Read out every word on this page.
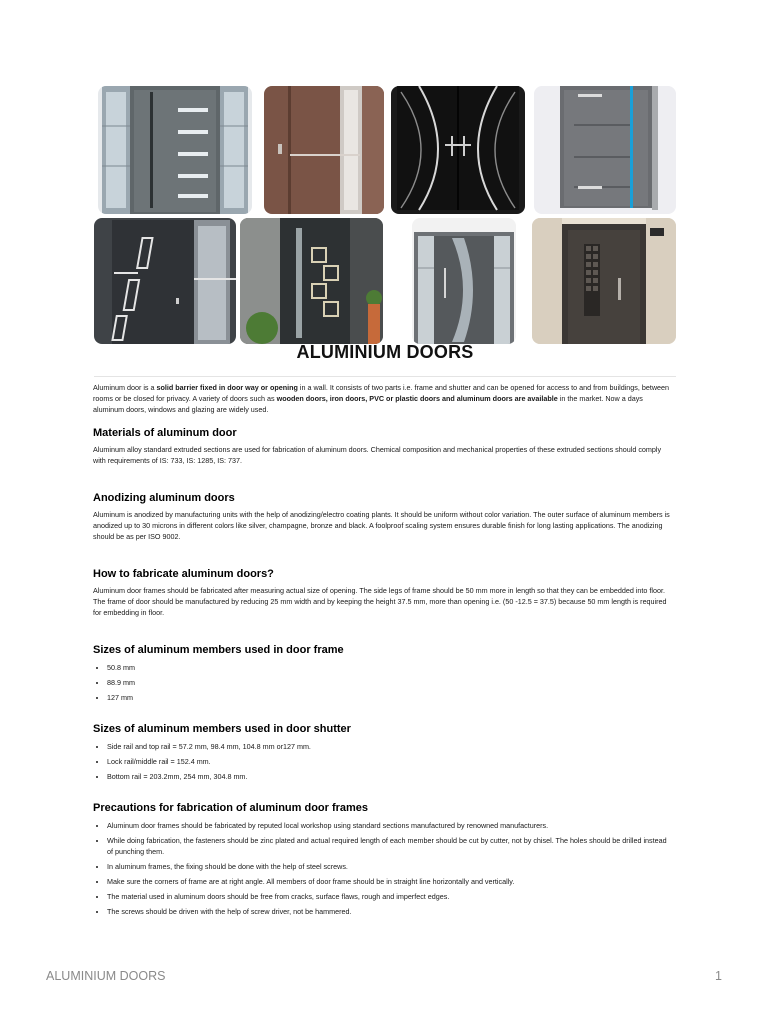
ALUMINIUM DOORS

Aluminum door is a solid barrier fixed in door way or opening in a wall. It consists of two parts i.e. frame and shutter and can be opened for access to and from buildings, between rooms or be closed for privacy. A variety of doors such as wooden doors, iron doors, PVC or plastic doors and aluminum doors are available in the market. Now a days aluminum doors, windows and glazing are widely used.

Materials of aluminum door

Aluminum alloy standard extruded sections are used for fabrication of aluminum doors. Chemical composition and mechanical properties of these extruded sections should comply with requirements of IS: 733, IS: 1285, IS: 737.

Anodizing aluminum doors

Aluminum is anodized by manufacturing units with the help of anodizing/electro coating plants. It should be uniform without color variation. The outer surface of aluminum members is anodized up to 30 microns in different colors like silver, champagne, bronze and black. A foolproof scaling system ensures durable finish for long lasting applications. The anodizing should be as per ISO 9002.

How to fabricate aluminum doors?

Aluminum door frames should be fabricated after measuring actual size of opening. The side legs of frame should be 50 mm more in length so that they can be embedded into floor. The frame of door should be manufactured by reducing 25 mm width and by keeping the height 37.5 mm, more than opening i.e. (50 -12.5 = 37.5) because 50 mm length is required for embedding in floor.

Sizes of aluminum members used in door frame
• 50.8 mm
• 88.9 mm
• 127 mm
Sizes of aluminum members used in door shutter
• Side rail and top rail = 57.2 mm, 98.4 mm, 104.8 mm or127 mm.
• Lock rail/middle rail = 152.4 mm.
• Bottom rail = 203.2mm, 254 mm, 304.8 mm.
Precautions for fabrication of aluminum door frames
• Aluminum door frames should be fabricated by reputed local workshop using standard sections manufactured by renowned manufacturers.
• While doing fabrication, the fasteners should be zinc plated and actual required length of each member should be cut by cutter, not by chisel. The holes should be drilled instead of punching them.
• In aluminum frames, the fixing should be done with the help of steel screws.
• Make sure the corners of frame are at right angle. All members of door frame should be in straight line horizontally and vertically.
• The material used in aluminum doors should be free from cracks, surface flaws, rough and imperfect edges.
• The screws should be driven with the help of screw driver, not be hammered.
ALUMINIUM DOORS	1
